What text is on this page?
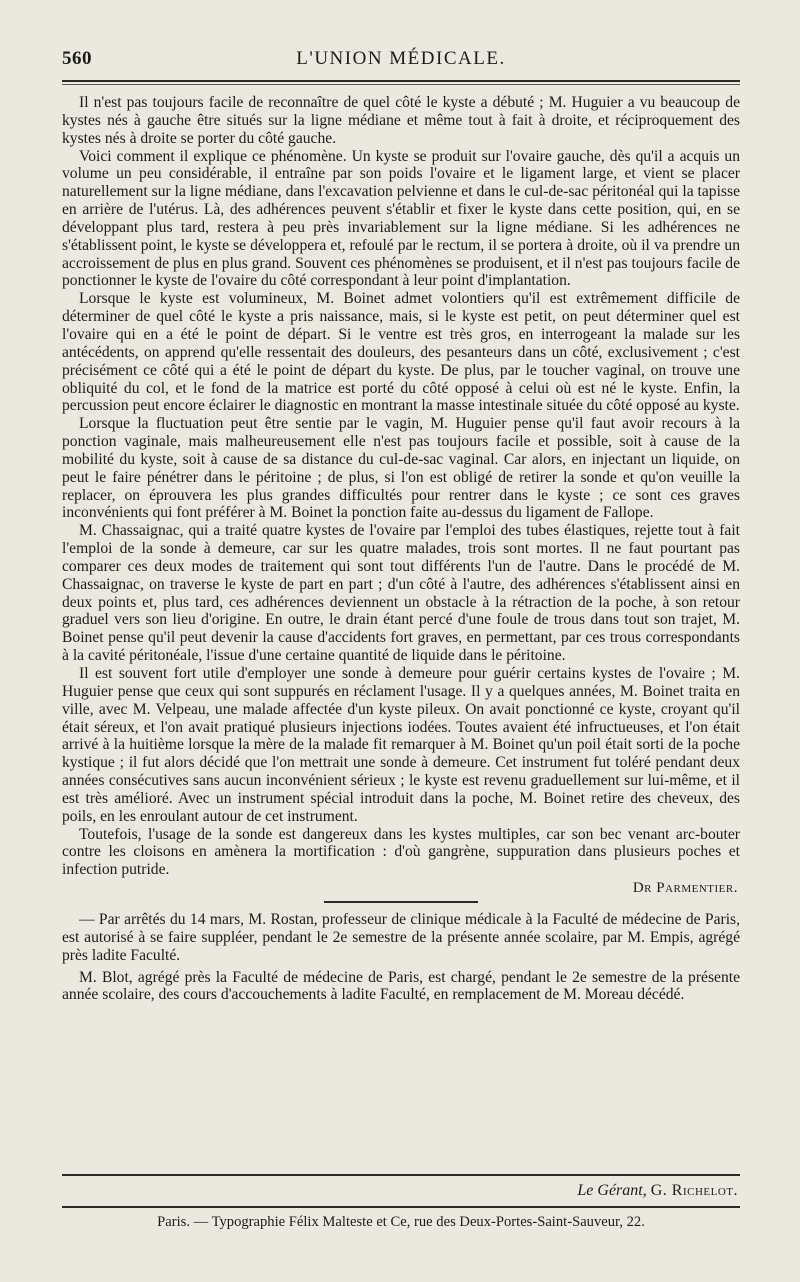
560	L'UNION MÉDICALE.

Il n'est pas toujours facile de reconnaître de quel côté le kyste a débuté ; M. Huguier a vu beaucoup de kystes nés à gauche être situés sur la ligne médiane et même tout à fait à droite, et réciproquement des kystes nés à droite se porter du côté gauche.

Voici comment il explique ce phénomène. Un kyste se produit sur l'ovaire gauche, dès qu'il a acquis un volume un peu considérable, il entraîne par son poids l'ovaire et le ligament large, et vient se placer naturellement sur la ligne médiane, dans l'excavation pelvienne et dans le cul-de-sac péritonéal qui la tapisse en arrière de l'utérus. Là, des adhérences peuvent s'établir et fixer le kyste dans cette position, qui, en se développant plus tard, restera à peu près invariablement sur la ligne médiane. Si les adhérences ne s'établissent point, le kyste se développera et, refoulé par le rectum, il se portera à droite, où il va prendre un accroissement de plus en plus grand. Souvent ces phénomènes se produisent, et il n'est pas toujours facile de ponctionner le kyste de l'ovaire du côté correspondant à leur point d'implantation.

Lorsque le kyste est volumineux, M. Boinet admet volontiers qu'il est extrêmement difficile de déterminer de quel côté le kyste a pris naissance, mais, si le kyste est petit, on peut déterminer quel est l'ovaire qui en a été le point de départ. Si le ventre est très gros, en interrogeant la malade sur les antécédents, on apprend qu'elle ressentait des douleurs, des pesanteurs dans un côté, exclusivement ; c'est précisément ce côté qui a été le point de départ du kyste. De plus, par le toucher vaginal, on trouve une obliquité du col, et le fond de la matrice est porté du côté opposé à celui où est né le kyste. Enfin, la percussion peut encore éclairer le diagnostic en montrant la masse intestinale située du côté opposé au kyste.

Lorsque la fluctuation peut être sentie par le vagin, M. Huguier pense qu'il faut avoir recours à la ponction vaginale, mais malheureusement elle n'est pas toujours facile et possible, soit à cause de la mobilité du kyste, soit à cause de sa distance du cul-de-sac vaginal. Car alors, en injectant un liquide, on peut le faire pénétrer dans le péritoine ; de plus, si l'on est obligé de retirer la sonde et qu'on veuille la replacer, on éprouvera les plus grandes difficultés pour rentrer dans le kyste ; ce sont ces graves inconvénients qui font préférer à M. Boinet la ponction faite au-dessus du ligament de Fallope.

M. Chassaignac, qui a traité quatre kystes de l'ovaire par l'emploi des tubes élastiques, rejette tout à fait l'emploi de la sonde à demeure, car sur les quatre malades, trois sont mortes. Il ne faut pourtant pas comparer ces deux modes de traitement qui sont tout différents l'un de l'autre. Dans le procédé de M. Chassaignac, on traverse le kyste de part en part ; d'un côté à l'autre, des adhérences s'établissent ainsi en deux points et, plus tard, ces adhérences deviennent un obstacle à la rétraction de la poche, à son retour graduel vers son lieu d'origine. En outre, le drain étant percé d'une foule de trous dans tout son trajet, M. Boinet pense qu'il peut devenir la cause d'accidents fort graves, en permettant, par ces trous correspondants à la cavité péritonéale, l'issue d'une certaine quantité de liquide dans le péritoine.

Il est souvent fort utile d'employer une sonde à demeure pour guérir certains kystes de l'ovaire ; M. Huguier pense que ceux qui sont suppurés en réclament l'usage. Il y a quelques années, M. Boinet traita en ville, avec M. Velpeau, une malade affectée d'un kyste pileux. On avait ponctionné ce kyste, croyant qu'il était séreux, et l'on avait pratiqué plusieurs injections iodées. Toutes avaient été infructueuses, et l'on était arrivé à la huitième lorsque la mère de la malade fit remarquer à M. Boinet qu'un poil était sorti de la poche kystique ; il fut alors décidé que l'on mettrait une sonde à demeure. Cet instrument fut toléré pendant deux années consécutives sans aucun inconvénient sérieux ; le kyste est revenu graduellement sur lui-même, et il est très amélioré. Avec un instrument spécial introduit dans la poche, M. Boinet retire des cheveux, des poils, en les enroulant autour de cet instrument.

Toutefois, l'usage de la sonde est dangereux dans les kystes multiples, car son bec venant arc-bouter contre les cloisons en amènera la mortification : d'où gangrène, suppuration dans plusieurs poches et infection putride.

Dr Parmentier.

— Par arrêtés du 14 mars, M. Rostan, professeur de clinique médicale à la Faculté de médecine de Paris, est autorisé à se faire suppléer, pendant le 2e semestre de la présente année scolaire, par M. Empis, agrégé près ladite Faculté.

M. Blot, agrégé près la Faculté de médecine de Paris, est chargé, pendant le 2e semestre de la présente année scolaire, des cours d'accouchements à ladite Faculté, en remplacement de M. Moreau décédé.

Le Gérant, G. Richelot.
Paris. — Typographie Félix Malteste et Ce, rue des Deux-Portes-Saint-Sauveur, 22.
